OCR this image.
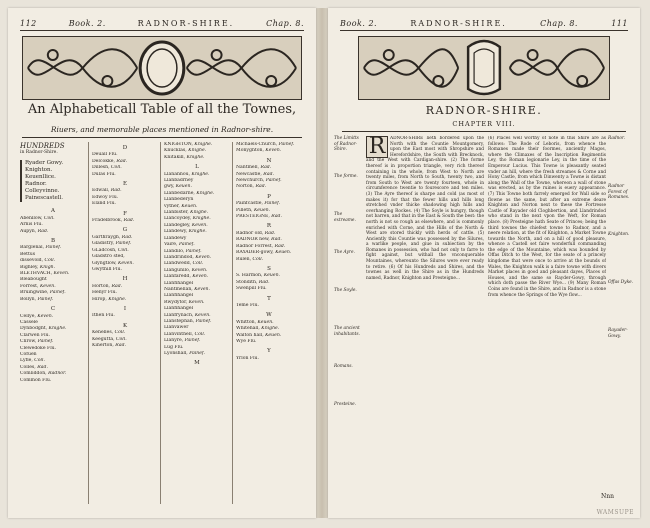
112	Book. 2.	RADNOR-SHIRE.	Chap. 8.
An Alphabeticall Table of all the Townes,
Riuers, and memorable places mentioned in Radnor-shire.
HUNDREDS
in Radnor-Shire.
Ryader Gowy.
Knighton.
Keuenllice.
Radnor.
Colleyvinne.
Painescastell.
A
Abenllow, Coll.
Arnis Flu.
Aupyn, Rad.
B
Barglenal, Painef.
Bettus
dissevold, Coll.
Bighley, Knigh.
BLETHVACH, Keven.
Bleabought
Forrest, Keven.
Bruingwine, Painef.
Bollyn, Painef.
C
Cellye, Keven.
Cassele
Dynbodght, Knighe.
Clarwen Flu.
Clirow, Painef.
Clewedoke Flu.
Cofuen
Lyfle, Coll.
Colles, Rad.
Comliddon, Radnor.
Common Flu.
D
Deuall Flu.
Delcokke, Rad.
Dillesh, Coll.
Dulas Flu.
E
Edwall, Rad.
Edwoy Flu.
Eland Flu.
F
Fradelbrook, Rad.
G
Garthraygh, Rad.
Gladistry, Painef.
GLadcosh, Coll.
Gladstro sted,
Glyngtlow, Keven.
Gwythill Flu.
H
Horton, Rad.
Henyr Flu.
Hirop, Knighe.
I
Ithen Flu.
K
Kenelles, Coll.
Keegutta, Coll.
Kinerton, Rad.
KNIGHTON, Knighe.
Knucklas, Knighe.
Knitakill, Knighe.
L
Llanannou, Knighe.
Llanbadrney
gwy, Keuen.
Llanbedarne, Knighe.
Llanbederyn
vyther, Keuen.
Llanbister, Knighe.
Llancoydey, Knighe.
Llandegley, Keven.
Llandewy, Knighe.
Llandewy
Vaire, Painef.
Llandilo, Painef.
Llandrindod, Keven.
Llandwedd, Coll.
Llangunllo, Keven.
Llanfaredd, Keven.
Llanfihangel
Nantmellan, Keven.
Llanfihangel
Rwydytor, Keven.
Llanfihangel
Llanfrynach, Keven.
Llanstephan, Painef.
Llanvawer
Llanvinthell, Coll.
Llanyre, Painef.
Lug Flu.
Lyonshall, Painef.
M
Michaels-Church, Painef.
Monyghton, Keven.
N
Nantmell, Rad.
Newcastle, Rad.
Newchurch, Painef.
Norton, Rad.
P
Painfcastle, Painef.
Pilleth, Keuen.
PRESTEIGNE, Rad.
R
Radnor old, Rad.
RADNOR new, Rad.
Radnor Forrest, Rad.
RAYADER-gowy, Keuen.
Rulen, Coll.
S
S. Harmon, Keuen.
Stondith, Rad.
Swenpill Flu.
T
Teme Flu.
W
Whitton, Keuen.
Whitehall, Knighe.
Walton hall, Keuen.
Wye Flu.
Y
Yrlon Flu.
Book. 2.	RADNOR-SHIRE.	Chap. 8.	111
RADNOR-SHIRE.
CHAPTER VIII.
The Limitts of Radnor-Shire.
The forme.
The extreame.
The Ayre.
The Soyle.
The ancient inhabitants.
Romans.
Presteine.
R	ADNOR-SHIRE lieth bordered upon the North with the Countie Mountgomery, upon the East most with Shropshire and Herefordshire, the South with Brecknock, and the West with Cardigan-shire. (2) The forme thereof is in proportion triangle, very rich thereof containing in the whole, from West to North are twenty miles, from North to South, twenty two, and from South to West are twenty fourteen, whole in circumference twentie to fourescore and ten miles. (3) The Ayre thereof is sharpe and cold (as most of makes it) for that the fewer hills and hills long stretched vnder thicke shadowing high hills and overhanging Rockes. (4) The Soyle is hungry, though not barren, and that in the East & South the best: the north is not so rough as elsewhere, and is commonly enriched with Corne, and the Hills of the North & West are stored thickly with herds of cattle. (5) Anciently this Countie was possessed by the Silures, a warlike people, and giue in subiection by the Romanes in possession, who had not only to farre to fight against, but withall the vnconquerable Mountaines, whereunto the Silures were ever ready to retire. (6) Of his Hundreds and Shires, and the townes as well in the Shire as in the Hundreds named, Radnor, Knighton and Presteigne...
(6) Places well worthy of note in this Shire are as follows: The Rode of Leboris, from whence the Romanes made their foormes, anciently Magos, where the Climaxes of the Inscription Regimentis Ley, tho Roman legionarie Ley, in the time of the Emperour Lucius. This Towne is pleasantly seated vnder an hill, where the fresh streames & Corne and Hony Castle, from which Dinwenty a Towne is distant along the Wall of the Towne, whereon a wall of stone was erected, as by the ruines is euery appearance. (7) This Towne both farrely emerged for Wall side so flowne as the same, but after an extreme deare Knighton and Norton next to these the Fortresse Castle of Rayader old Cloghbertion, and Llandrindod who stand in the next vpon the Weft, for Roman place. (8) Presteigne hath Seate of Princes; being the third townes the chiefest towne to Radnor, and a neere relation, at the fit of Knighton, a Market Towne towards the North, and on a hill of good pleasure, whence a Castell set faire wonderfull commanding the edge of the Mountaine, which was bounded by Offas Ditch to the West, for the seate of a princely kingdome that were once to arrive at the bounds of Wales, the Knighton walk is a faire towne with divers Market places in good and pleasant dayes, Places of Houses, and the same so Rayder-Gowy, through which doth passe the River Wye... (9) Many Roman Coins are found in the Shire, and in Radnor is a stone from whence the Springs of the Wye flow...
Radnor.
Radnor Forest of Romanes.
Knighton.
Offas Dyke.
Rayader-Gowy.
Nnn
WAMSUPE
